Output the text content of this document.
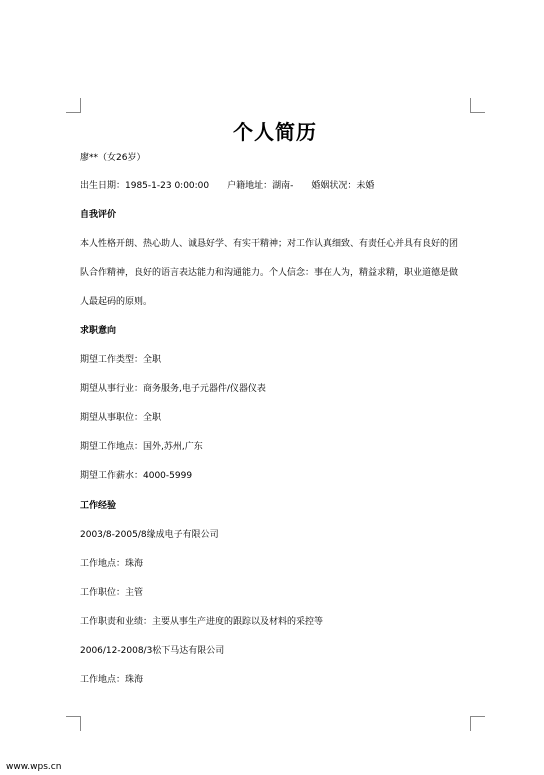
个人简历
廖**（女26岁）
出生日期：1985-1-23 0:00:00 户籍地址：湖南- 婚姻状况：未婚
自我评价
本人性格开朗、热心助人、诚恳好学、有实干精神；对工作认真细致、有责任心并具有良好的团
队合作精神，良好的语言表达能力和沟通能力。个人信念：事在人为，精益求精，职业道德是做
人最起码的原则。
求职意向
期望工作类型：全职
期望从事行业：商务服务,电子元器件/仪器仪表
期望从事职位：全职
期望工作地点：国外,苏州,广东
期望工作薪水：4000-5999
工作经验
2003/8-2005/8缘成电子有限公司
工作地点：珠海
工作职位：主管
工作职责和业绩：主要从事生产进度的跟踪以及材料的采控等
2006/12-2008/3松下马达有限公司
工作地点：珠海
www.wps.cn
